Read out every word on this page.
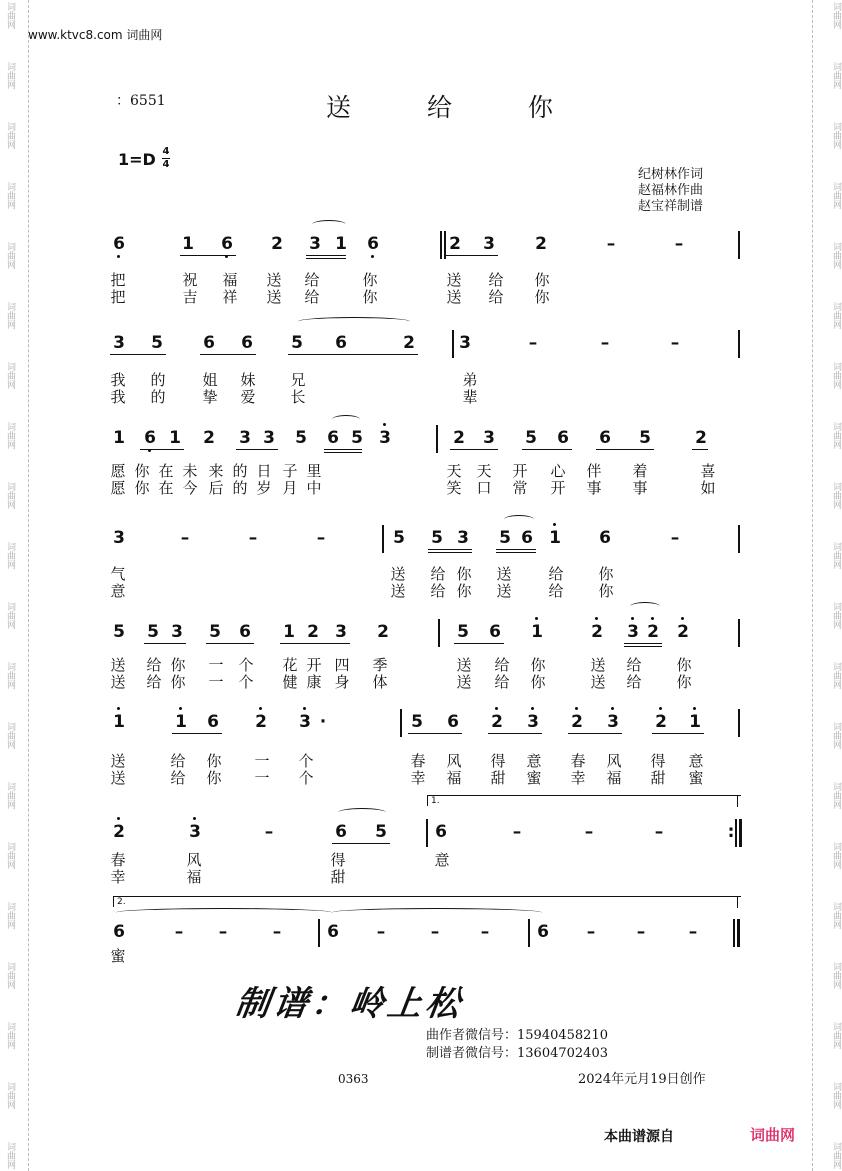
词曲网
词曲网
词曲网
词曲网
词曲网
词曲网
词曲网
词曲网
词曲网
词曲网
词曲网
词曲网
词曲网
词曲网
词曲网
词曲网
词曲网
词曲网
词曲网
词曲网
词曲网
词曲网
词曲网
词曲网
词曲网
词曲网
词曲网
词曲网
词曲网
词曲网
词曲网
词曲网
词曲网
词曲网
词曲网
词曲网
词曲网
词曲网
词曲网
词曲网
www.ktvc8.com 词曲网
：6551	送 给 你
1=D 4
4
纪树林作词
赵福林作曲
赵宝祥制谱
6	1 6 2 3 1 6	2 3 2	–	–
把	祝 福 送 给	你	送 给 你
把	吉 祥 送 给	你	送 给 你
3 5 6 6 5 6	2	3	–	–	–
我 的 姐 妹 兄	弟
我 的 挚 爱 长	辈
1 6 1 2 3 3 5 6 5 3	2 3 5 6 6 5	2
愿 你 在 未 来 的 日 子 里	天 天 开 心 伴 着	喜
愿 你 在 今 后 的 岁 月 中	笑 口 常 开 事 事	如
3	–	–	–	5 5 3 5 6 1 6	–
气	送 给 你 送 给 你
意	送 给 你 送 给 你
5 5 3 5 6 1 2 3 2	5 6 1	2 3 2 2
送 给 你 一 个 花 开 四 季	送 给 你	送 给 你
送 给 你 一 个 健 康 身 体	送 给 你	送 给 你
1	1 6 2 3 ·	5 6 2 3 2 3 2 1
送	给 你 一 个	春 风 得 意 春 风 得 意
送	给 你 一 个	幸 福 甜 蜜 幸 福 甜 蜜
2	3	–	6 5
1.
6	–	–	–	:
春	风	得	意
幸	福	甜
2.
6	– –	–	6 –	– –	6 – –	–
蜜
制谱：岭上松
曲作者微信号：15940458210
制谱者微信号：13604702403
0363	2024年元月19日创作
本曲谱源自	词曲网
